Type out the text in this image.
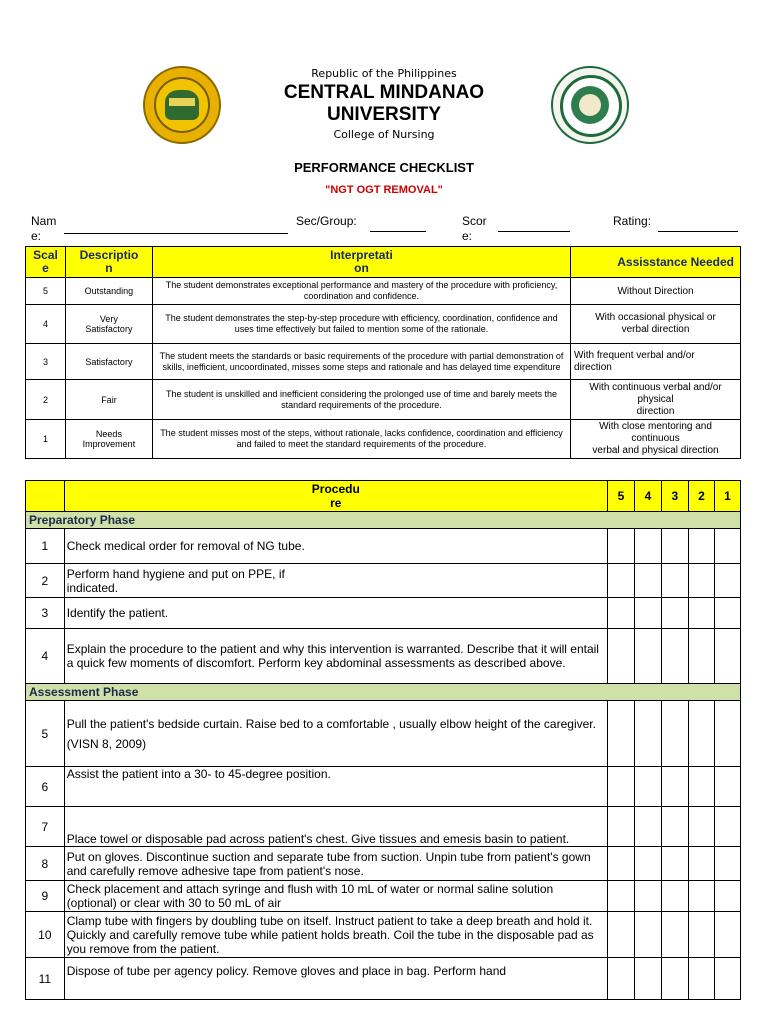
Republic of the Philippines
CENTRAL MINDANAO
UNIVERSITY
College of Nursing
PERFORMANCE CHECKLIST
"NGT OGT REMOVAL"
Nam
e:
Sec/Group:	Scor
e:
Rating:
Scal
e	Descriptio
n	Interpretati
on	Assisstance Needed
5	Outstanding	The student demonstrates exceptional performance and mastery of the procedure with proficiency, coordination and confidence.	Without Direction
4	Very
Satisfactory	The student demonstrates the step-by-step procedure with efficiency, coordination, confidence and uses time effectively but failed to mention some of the rationale.	With occasional physical or
verbal direction
3	Satisfactory	The student meets the standards or basic requirements of the procedure with partial demonstration of skills, inefficient, uncoordinated, misses some steps and rationale and has delayed time expenditure	With frequent verbal and/or
direction
2	Fair	The student is unskilled and inefficient considering the prolonged use of time and barely meets the standard requirements of the procedure.	With continuous verbal and/or
physical
direction
1	Needs
Improvement	The student misses most of the steps, without rationale, lacks confidence, coordination and efficiency and failed to meet the standard requirements of the procedure.	With close mentoring and
continuous
verbal and physical direction
	Procedu
re	5	4	3	2	1
Preparatory Phase						
1	Check medical order for removal of NG tube.					
2	Perform hand hygiene and put on PPE, if
indicated.					
3	Identify the patient.					
4	Explain the procedure to the patient and why this intervention is warranted. Describe that it will entail a quick few moments of discomfort. Perform key abdominal assessments as described above.					
Assessment Phase						
5	Pull the patient's bedside curtain. Raise bed to a comfortable , usually elbow height of the caregiver.
(VISN 8, 2009)					

6	Assist the patient into a 30- to 45-degree position.					
7	Place towel or disposable pad across patient's chest. Give tissues and emesis basin to patient.					
8	Put on gloves. Discontinue suction and separate tube from suction. Unpin tube from patient's gown and carefully remove adhesive tape from patient's nose.					
9	Check placement and attach syringe and flush with 10 mL of water or normal saline solution (optional) or clear with 30 to 50 mL of air					
10	Clamp tube with fingers by doubling tube on itself. Instruct patient to take a deep breath and hold it. Quickly and carefully remove tube while patient holds breath. Coil the tube in the disposable pad as you remove from the patient.					
11	Dispose of tube per agency policy. Remove gloves and place in bag. Perform hand					
